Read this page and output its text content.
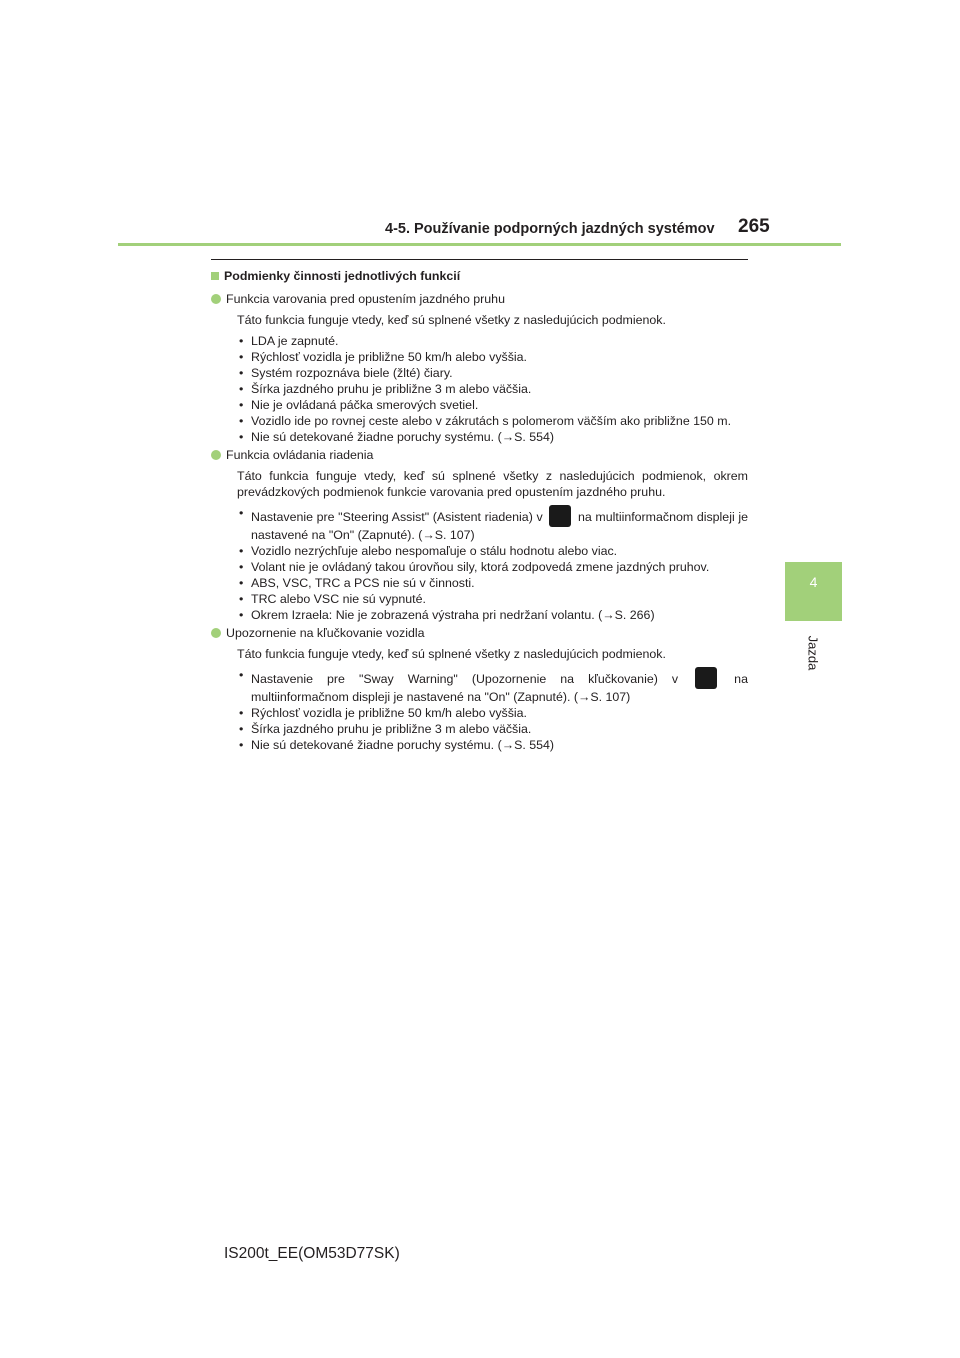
4-5. Používanie podporných jazdných systémov 265
4
Jazda
Podmienky činnosti jednotlivých funkcií
Funkcia varovania pred opustením jazdného pruhu
Táto funkcia funguje vtedy, keď sú splnené všetky z nasledujúcich podmienok.
• LDA je zapnuté.
• Rýchlosť vozidla je približne 50 km/h alebo vyššia.
• Systém rozpoznáva biele (žlté) čiary.
• Šírka jazdného pruhu je približne 3 m alebo väčšia.
• Nie je ovládaná páčka smerových svetiel.
• Vozidlo ide po rovnej ceste alebo v zákrutách s polomerom väčším ako približne 150 m.
• Nie sú detekované žiadne poruchy systému. (→S. 554)
Funkcia ovládania riadenia
Táto funkcia funguje vtedy, keď sú splnené všetky z nasledujúcich podmienok, okrem prevádzkových podmienok funkcie varovania pred opustením jazdného pruhu.
• Nastavenie pre "Steering Assist" (Asistent riadenia) v	na multiinformačnom displeji je nastavené na "On" (Zapnuté). (→S. 107)
• Vozidlo nezrýchľuje alebo nespomaľuje o stálu hodnotu alebo viac.
• Volant nie je ovládaný takou úrovňou sily, ktorá zodpovedá zmene jazdných pruhov.
• ABS, VSC, TRC a PCS nie sú v činnosti.
• TRC alebo VSC nie sú vypnuté.
• Okrem Izraela: Nie je zobrazená výstraha pri nedržaní volantu. (→S. 266)
Upozornenie na kľučkovanie vozidla
Táto funkcia funguje vtedy, keď sú splnené všetky z nasledujúcich podmienok.
• Nastavenie pre "Sway Warning" (Upozornenie na kľučkovanie) v	na multiinformačnom displeji je nastavené na "On" (Zapnuté). (→S. 107)
• Rýchlosť vozidla je približne 50 km/h alebo vyššia.
• Šírka jazdného pruhu je približne 3 m alebo väčšia.
• Nie sú detekované žiadne poruchy systému. (→S. 554)
IS200t_EE(OM53D77SK)
